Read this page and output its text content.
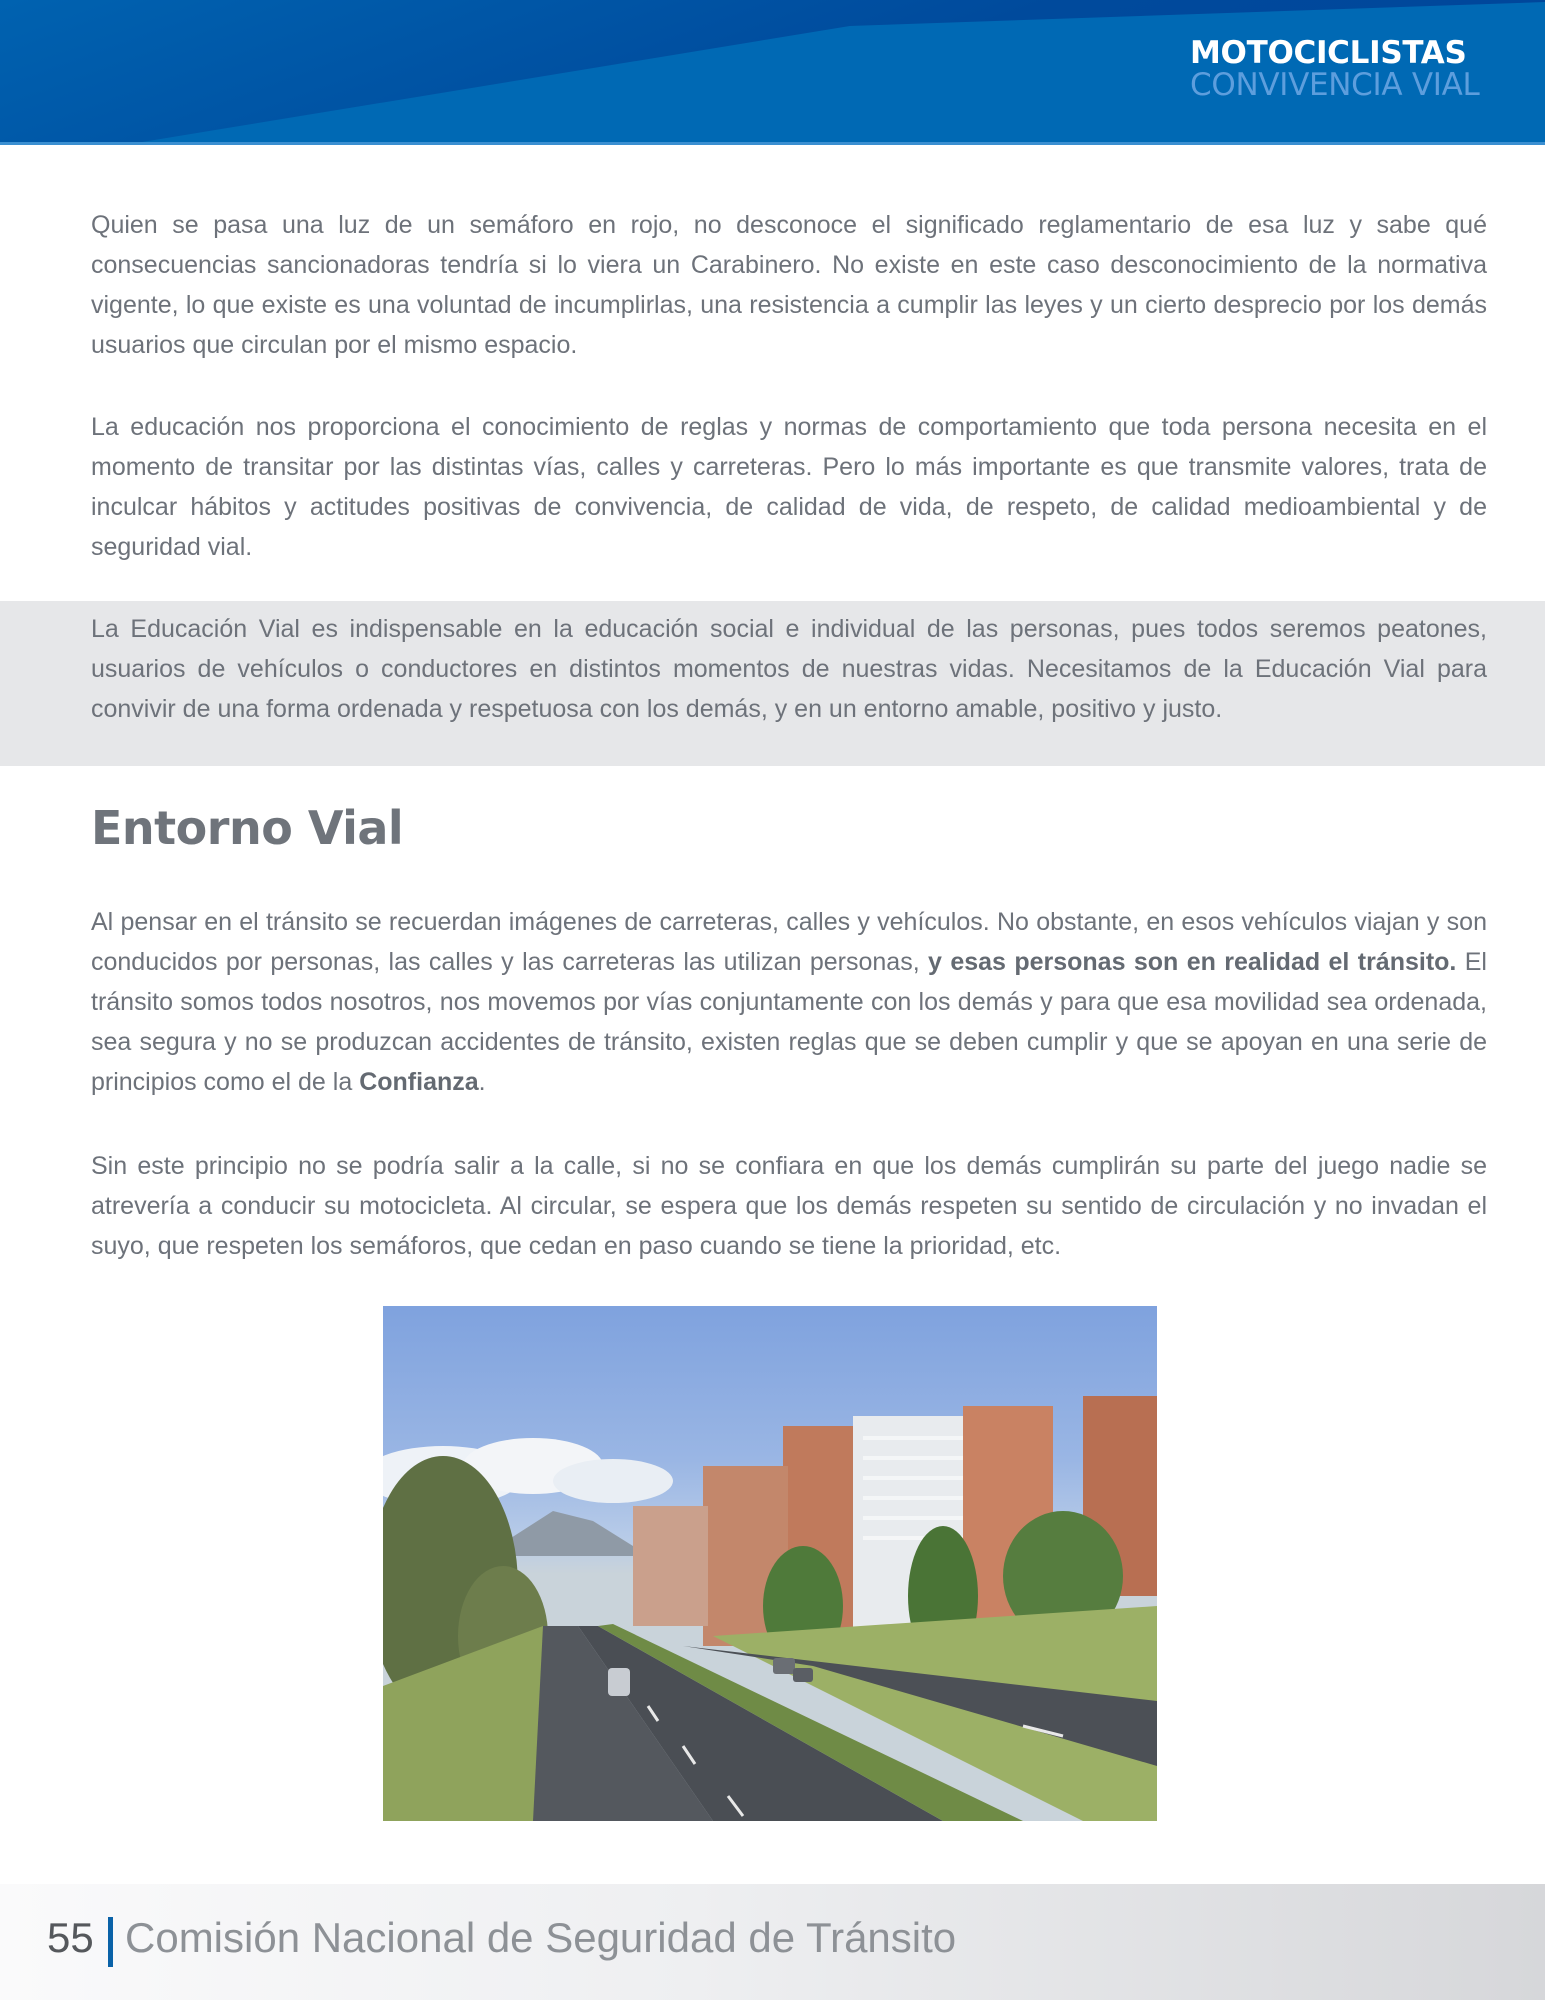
MOTOCICLISTAS
CONVIVENCIA VIAL

Quien se pasa una luz de un semáforo en rojo, no desconoce el significado reglamentario de esa luz y sabe qué consecuencias sancionadoras tendría si lo viera un Carabinero. No existe en este caso desconocimiento de la normativa vigente, lo que existe es una voluntad de incumplirlas, una resistencia a cumplir las leyes y un cierto desprecio por los demás usuarios que circulan por el mismo espacio.

La educación nos proporciona el conocimiento de reglas y normas de comportamiento que toda persona necesita en el momento de transitar por las distintas vías, calles y carreteras. Pero lo más importante es que transmite valores, trata de inculcar hábitos y actitudes positivas de convivencia, de calidad de vida, de respeto, de calidad medioambiental y de seguridad vial.

La Educación Vial es indispensable en la educación social e individual de las personas, pues todos seremos peatones, usuarios de vehículos o conductores en distintos momentos de nuestras vidas. Necesitamos de la Educación Vial para convivir de una forma ordenada y respetuosa con los demás, y en un entorno amable, positivo y justo.

Entorno Vial

Al pensar en el tránsito se recuerdan imágenes de carreteras, calles y vehículos. No obstante, en esos vehículos viajan y son conducidos por personas, las calles y las carreteras las utilizan personas, y esas personas son en realidad el tránsito. El tránsito somos todos nosotros, nos movemos por vías conjuntamente con los demás y para que esa movilidad sea ordenada, sea segura y no se produzcan accidentes de tránsito, existen reglas que se deben cumplir y que se apoyan en una serie de principios como el de la Confianza.

Sin este principio no se podría salir a la calle, si no se confiara en que los demás cumplirán su parte del juego nadie se atrevería a conducir su motocicleta. Al circular, se espera que los demás respeten su sentido de circulación y no invadan el suyo, que respeten los semáforos, que cedan en paso cuando se tiene la prioridad, etc.

55 Comisión Nacional de Seguridad de Tránsito
